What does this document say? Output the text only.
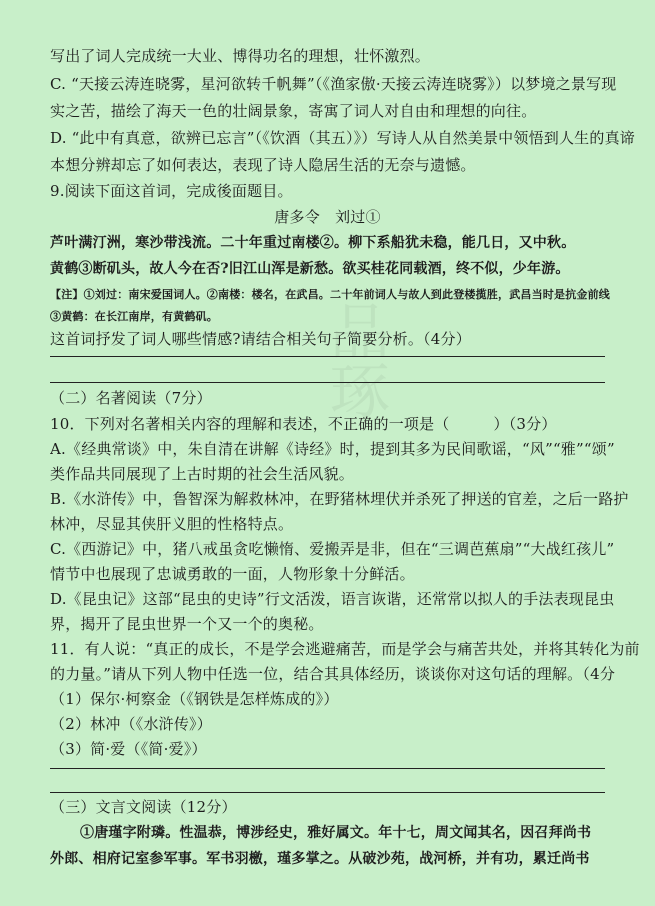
品琢
写出了词人完成统一大业、博得功名的理想，壮怀激烈。
C. “天接云涛连晓雾，星河欲转千帆舞”（《渔家傲·天接云涛连晓雾》）以梦境之景写现
实之苦，描绘了海天一色的壮阔景象，寄寓了词人对自由和理想的向往。
D. “此中有真意，欲辨已忘言”（《饮酒（其五）》）写诗人从自然美景中领悟到人生的真谛
本想分辨却忘了如何表达，表现了诗人隐居生活的无奈与遗憾。
9.阅读下面这首词，完成後面题目。
唐多令　刘过①
芦叶满汀洲，寒沙带浅流。二十年重过南楼②。柳下系船犹未稳，能几日，又中秋。
黄鹤③断矶头，故人今在否?旧江山浑是新愁。欲买桂花同载酒，终不似，少年游。
【注】①刘过：南宋爱国词人。②南楼：楼名，在武昌。二十年前词人与故人到此登楼揽胜，武昌当时是抗金前线
③黄鹤：在长江南岸，有黄鹤矶。
这首词抒发了词人哪些情感?请结合相关句子简要分析。（4分）
（二）名著阅读（7分）
10．下列对名著相关内容的理解和表述，不正确的一项是（	）（3分）
A.《经典常谈》中，朱自清在讲解《诗经》时，提到其多为民间歌谣，“风”“雅”“颂”
类作品共同展现了上古时期的社会生活风貌。
B.《水浒传》中，鲁智深为解救林冲，在野猪林埋伏并杀死了押送的官差，之后一路护
林冲，尽显其侠肝义胆的性格特点。
C.《西游记》中，猪八戒虽贪吃懒惰、爱搬弄是非，但在“三调芭蕉扇”“大战红孩儿”
情节中也展现了忠诚勇敢的一面，人物形象十分鲜活。
D.《昆虫记》这部“昆虫的史诗”行文活泼，语言诙谐，还常常以拟人的手法表现昆虫
界，揭开了昆虫世界一个又一个的奥秘。
11．有人说：“真正的成长，不是学会逃避痛苦，而是学会与痛苦共处，并将其转化为前
的力量。”请从下列人物中任选一位，结合其具体经历，谈谈你对这句话的理解。（4分
（1）保尔·柯察金（《钢铁是怎样炼成的》）
（2）林冲（《水浒传》）
（3）简·爱（《简·爱》）
（三）文言文阅读（12分）
①唐瑾字附璘。性温恭，博涉经史，雅好属文。年十七，周文闻其名，因召拜尚书
外郎、相府记室参军事。军书羽檄，瑾多掌之。从破沙苑，战河桥，并有功，累迁尚书
